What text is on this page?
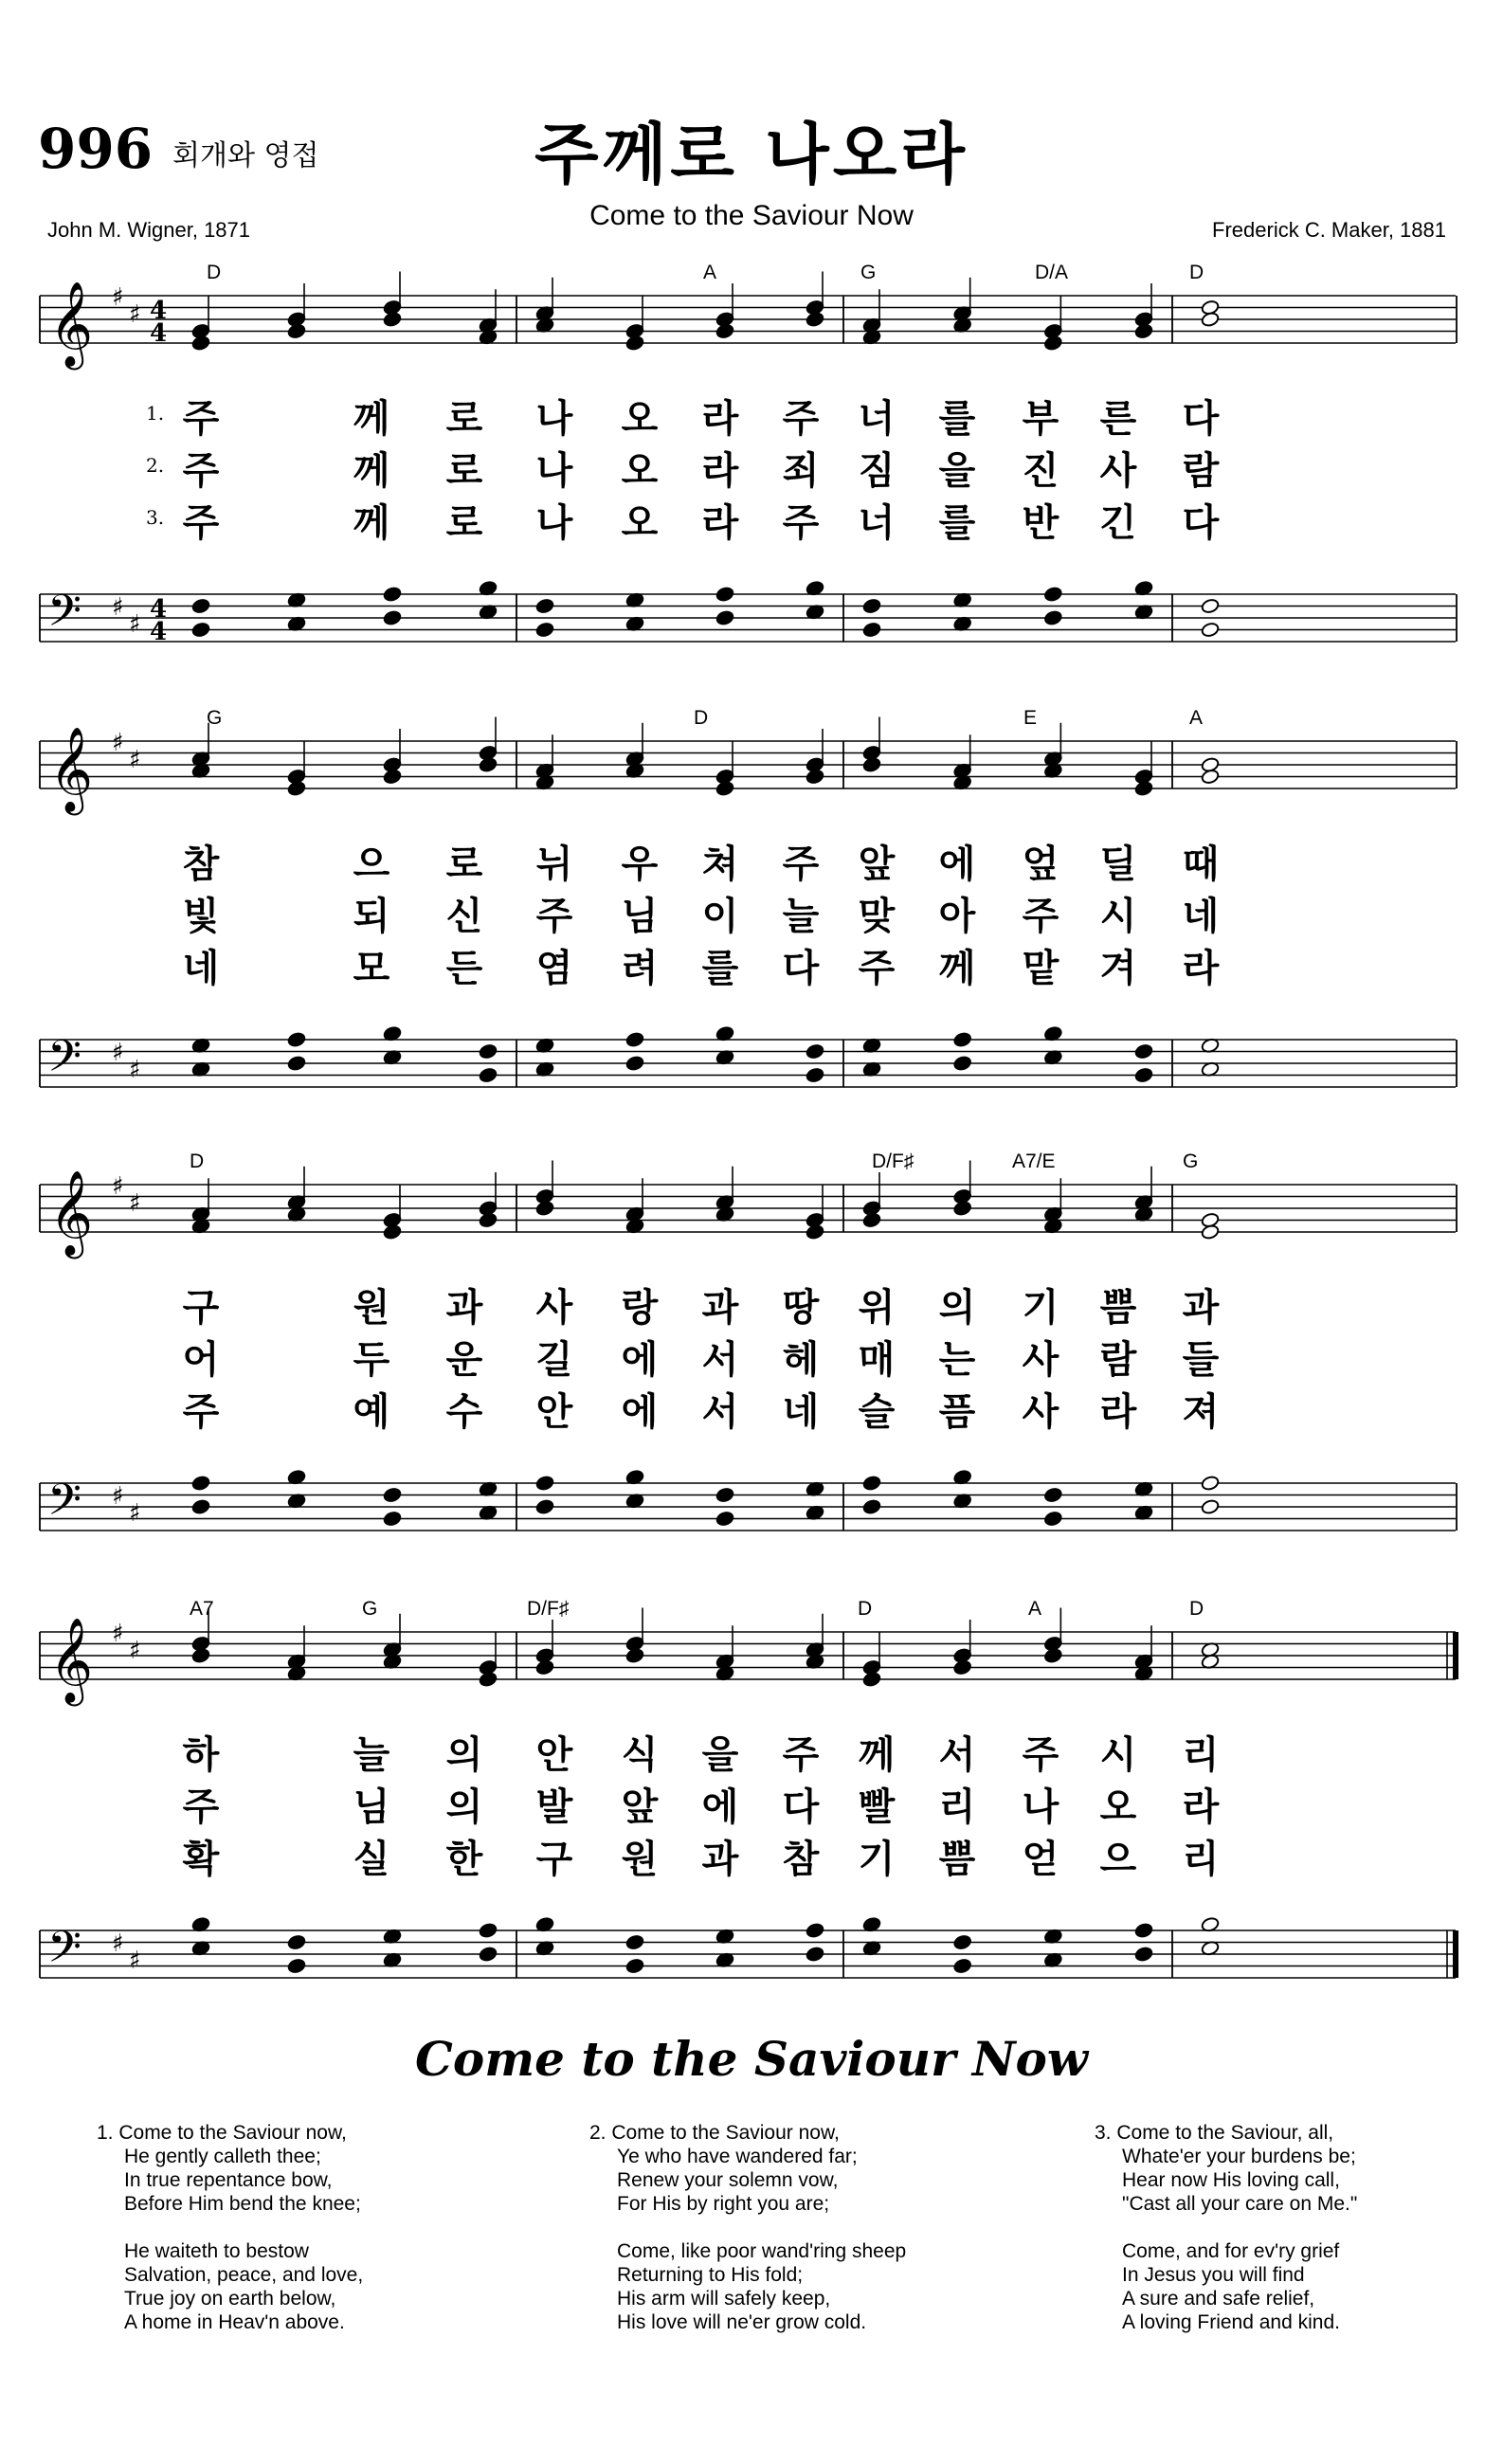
996 회개와 영접	주께로 나오라
Come to the Saviour Now
John M. Wigner, 1871	Frederick C. Maker, 1881
𝄞
𝄢
♯
♯
♯
♯
4
4
4
4
D	A	G	D/A	D
1. 주	께 로 나 오 라 주 너 를 부 른 다
2. 주	께 로 나 오 라 죄 짐 을 진 사 람
3. 주	께 로 나 오 라 주 너 를 반 긴 다
𝄞
𝄢
♯
♯
♯
♯
G	D	E	A
참	으 로 뉘 우 쳐 주 앞 에 엎 딜 때
빛	되 신 주 님 이 늘 맞 아 주 시 네
네	모 든 염 려 를 다 주 께 맡 겨 라
𝄞
𝄢
♯
♯
♯
♯
D	D/F♯	A7/E	G
구	원 과 사 랑 과 땅 위 의 기 쁨 과
어	두 운 길 에 서 헤 매 는 사 람 들
주	예 수 안 에 서 네 슬 픔 사 라 져
𝄞
𝄢
♯
♯
♯
♯
A7	G	D/F♯	D	A	D
하	늘 의 안 식 을 주 께 서 주 시 리
주	님 의 발 앞 에 다 빨 리 나 오 라
확	실 한 구 원 과 참 기 쁨 얻 으 리
Come to the Saviour Now
1. Come to the Saviour now,
He gently calleth thee;
In true repentance bow,
Before Him bend the knee;
He waiteth to bestow
Salvation, peace, and love,
True joy on earth below,
A home in Heav'n above.
2. Come to the Saviour now,
Ye who have wandered far;
Renew your solemn vow,
For His by right you are;
Come, like poor wand'ring sheep
Returning to His fold;
His arm will safely keep,
His love will ne'er grow cold.
3. Come to the Saviour, all,
Whate'er your burdens be;
Hear now His loving call,
"Cast all your care on Me."
Come, and for ev'ry grief
In Jesus you will find
A sure and safe relief,
A loving Friend and kind.
